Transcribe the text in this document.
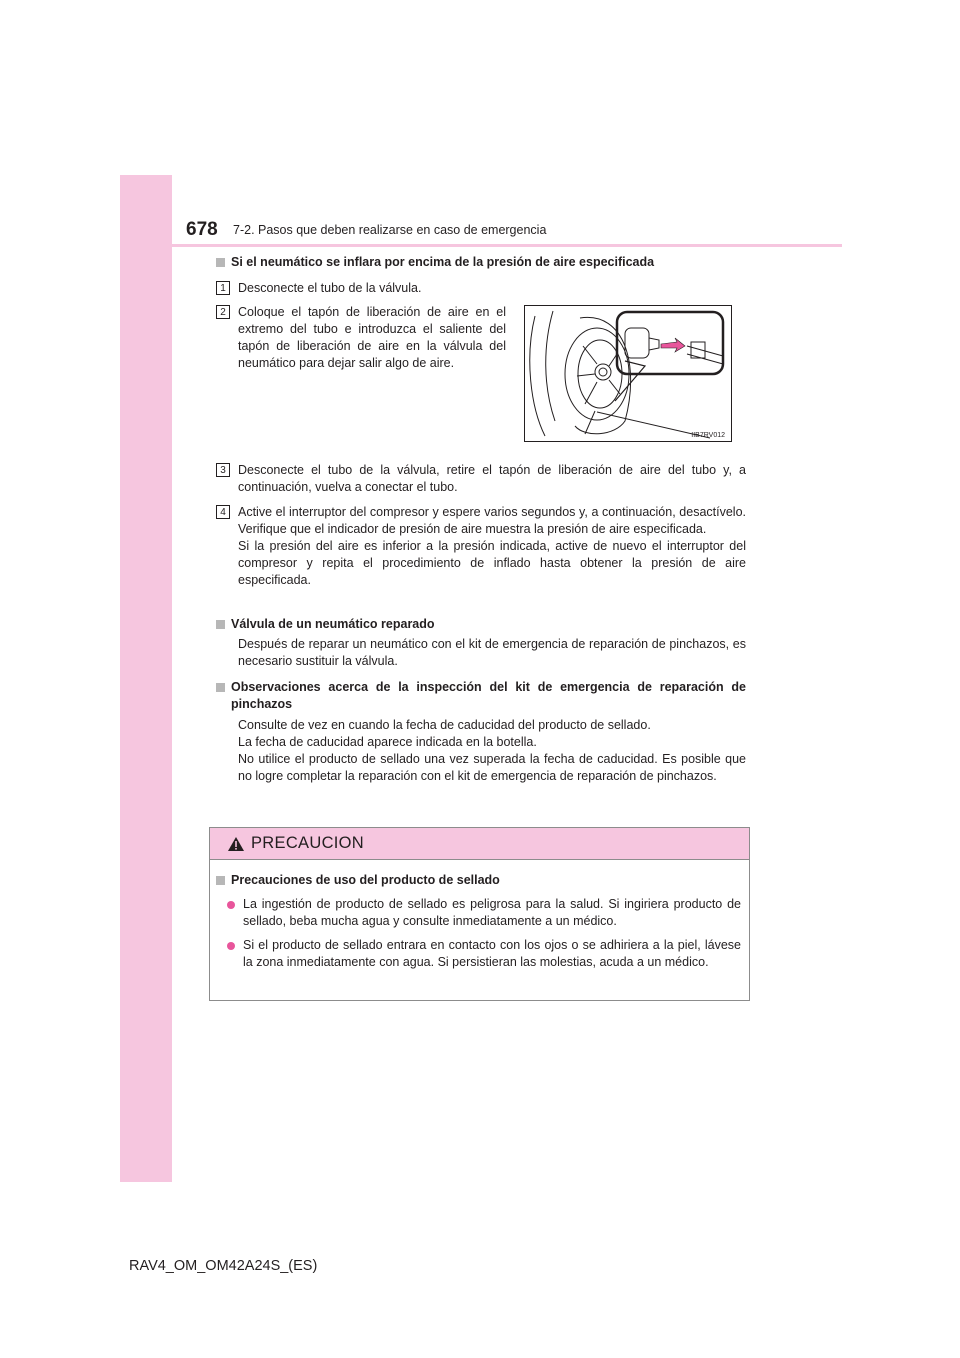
678 7-2. Pasos que deben realizarse en caso de emergencia
Si el neumático se inflara por encima de la presión de aire especificada
1 Desconecte el tubo de la válvula.
2 Coloque el tapón de liberación de aire en el extremo del tubo e introduzca el saliente del tapón de liberación de aire en la válvula del neumático para dejar salir algo de aire.
IIB7RV012
3 Desconecte el tubo de la válvula, retire el tapón de liberación de aire del tubo y, a continuación, vuelva a conectar el tubo.
4 Active el interruptor del compresor y espere varios segundos y, a continuación, desactívelo. Verifique que el indicador de presión de aire muestra la presión de aire especificada.
Si la presión del aire es inferior a la presión indicada, active de nuevo el interruptor del compresor y repita el procedimiento de inflado hasta obtener la presión de aire especificada.
Válvula de un neumático reparado
Después de reparar un neumático con el kit de emergencia de reparación de pinchazos, es necesario sustituir la válvula.
Observaciones acerca de la inspección del kit de emergencia de reparación de pinchazos
Consulte de vez en cuando la fecha de caducidad del producto de sellado.
La fecha de caducidad aparece indicada en la botella.
No utilice el producto de sellado una vez superada la fecha de caducidad. Es posible que no logre completar la reparación con el kit de emergencia de reparación de pinchazos.
PRECAUCION
Precauciones de uso del producto de sellado
La ingestión de producto de sellado es peligrosa para la salud. Si ingiriera producto de sellado, beba mucha agua y consulte inmediatamente a un médico.
Si el producto de sellado entrara en contacto con los ojos o se adhiriera a la piel, lávese la zona inmediatamente con agua. Si persistieran las molestias, acuda a un médico.
RAV4_OM_OM42A24S_(ES)
